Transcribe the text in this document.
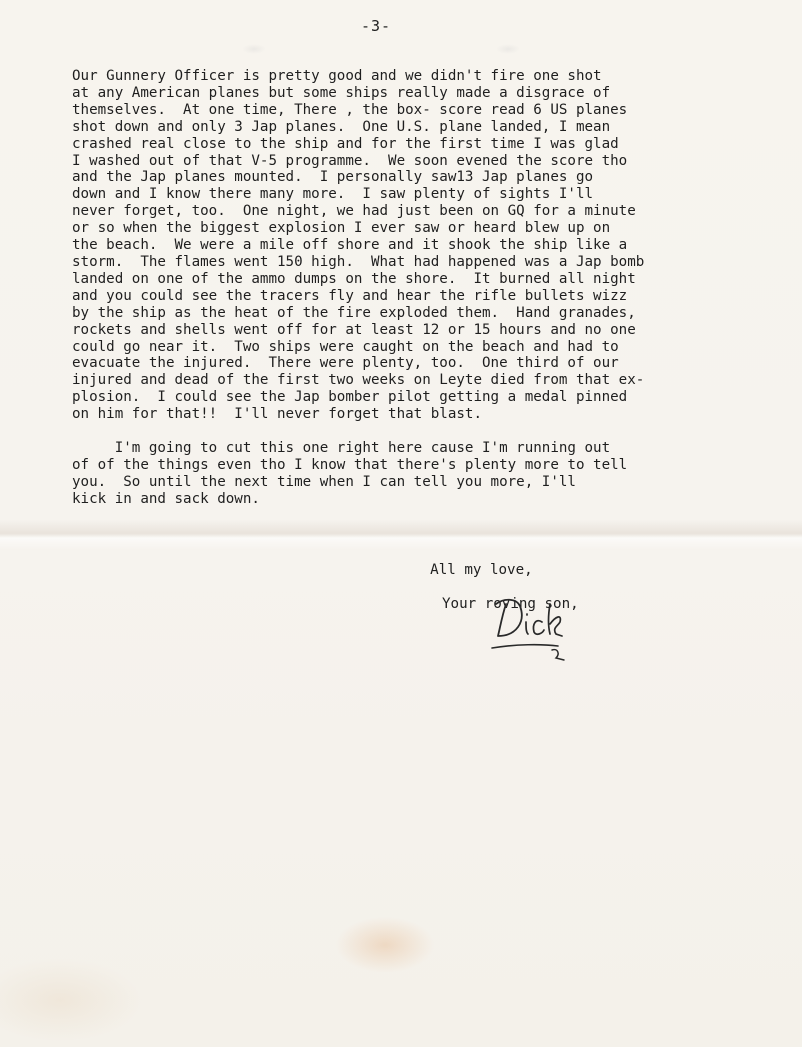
-3-
Our Gunnery Officer is pretty good and we didn't fire one shot
at any American planes but some ships really made a disgrace of
themselves.  At one time, There , the box- score read 6 US planes
shot down and only 3 Jap planes.  One U.S. plane landed, I mean
crashed real close to the ship and for the first time I was glad
I washed out of that V-5 programme.  We soon evened the score tho
and the Jap planes mounted.  I personally saw13 Jap planes go
down and I know there many more.  I saw plenty of sights I'll
never forget, too.  One night, we had just been on GQ for a minute
or so when the biggest explosion I ever saw or heard blew up on
the beach.  We were a mile off shore and it shook the ship like a
storm.  The flames went 150 high.  What had happened was a Jap bomb
landed on one of the ammo dumps on the shore.  It burned all night
and you could see the tracers fly and hear the rifle bullets wizz
by the ship as the heat of the fire exploded them.  Hand granades,
rockets and shells went off for at least 12 or 15 hours and no one
could go near it.  Two ships were caught on the beach and had to
evacuate the injured.  There were plenty, too.  One third of our
injured and dead of the first two weeks on Leyte died from that ex-
plosion.  I could see the Jap bomber pilot getting a medal pinned
on him for that!!  I'll never forget that blast.

I'm going to cut this one right here cause I'm running out
of of the things even tho I know that there's plenty more to tell
you.  So until the next time when I can tell you more, I'll
kick in and sack down.

All my love,

Your roving son,
